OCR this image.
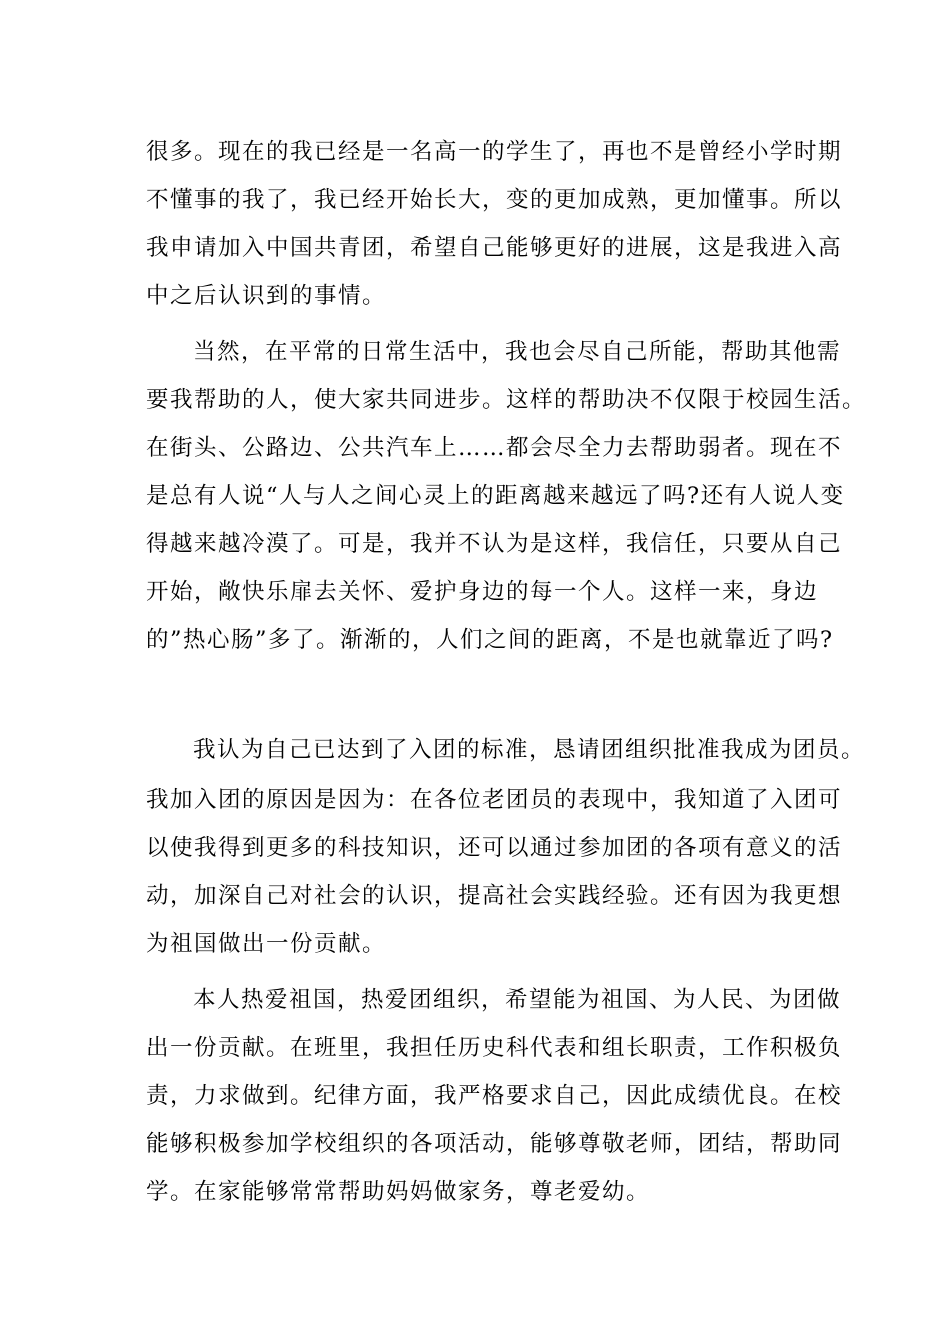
很多。现在的我已经是一名高一的学生了，再也不是曾经小学时期
不懂事的我了，我已经开始长大，变的更加成熟，更加懂事。所以
我申请加入中国共青团，希望自己能够更好的进展，这是我进入高
中之后认识到的事情。
当然，在平常的日常生活中，我也会尽自己所能，帮助其他需
要我帮助的人，使大家共同进步。这样的帮助决不仅限于校园生活。
在街头、公路边、公共汽车上……都会尽全力去帮助弱者。现在不
是总有人说“人与人之间心灵上的距离越来越远了吗?还有人说人变
得越来越冷漠了。可是，我并不认为是这样，我信任，只要从自己
开始，敞快乐扉去关怀、爱护身边的每一个人。这样一来，身边
的”热心肠”多了。渐渐的，人们之间的距离，不是也就靠近了吗?
我认为自己已达到了入团的标准，恳请团组织批准我成为团员。
我加入团的原因是因为：在各位老团员的表现中，我知道了入团可
以使我得到更多的科技知识，还可以通过参加团的各项有意义的活
动，加深自己对社会的认识，提高社会实践经验。还有因为我更想
为祖国做出一份贡献。
本人热爱祖国，热爱团组织，希望能为祖国、为人民、为团做
出一份贡献。在班里，我担任历史科代表和组长职责，工作积极负
责，力求做到。纪律方面，我严格要求自己，因此成绩优良。在校
能够积极参加学校组织的各项活动，能够尊敬老师，团结，帮助同
学。在家能够常常帮助妈妈做家务，尊老爱幼。
